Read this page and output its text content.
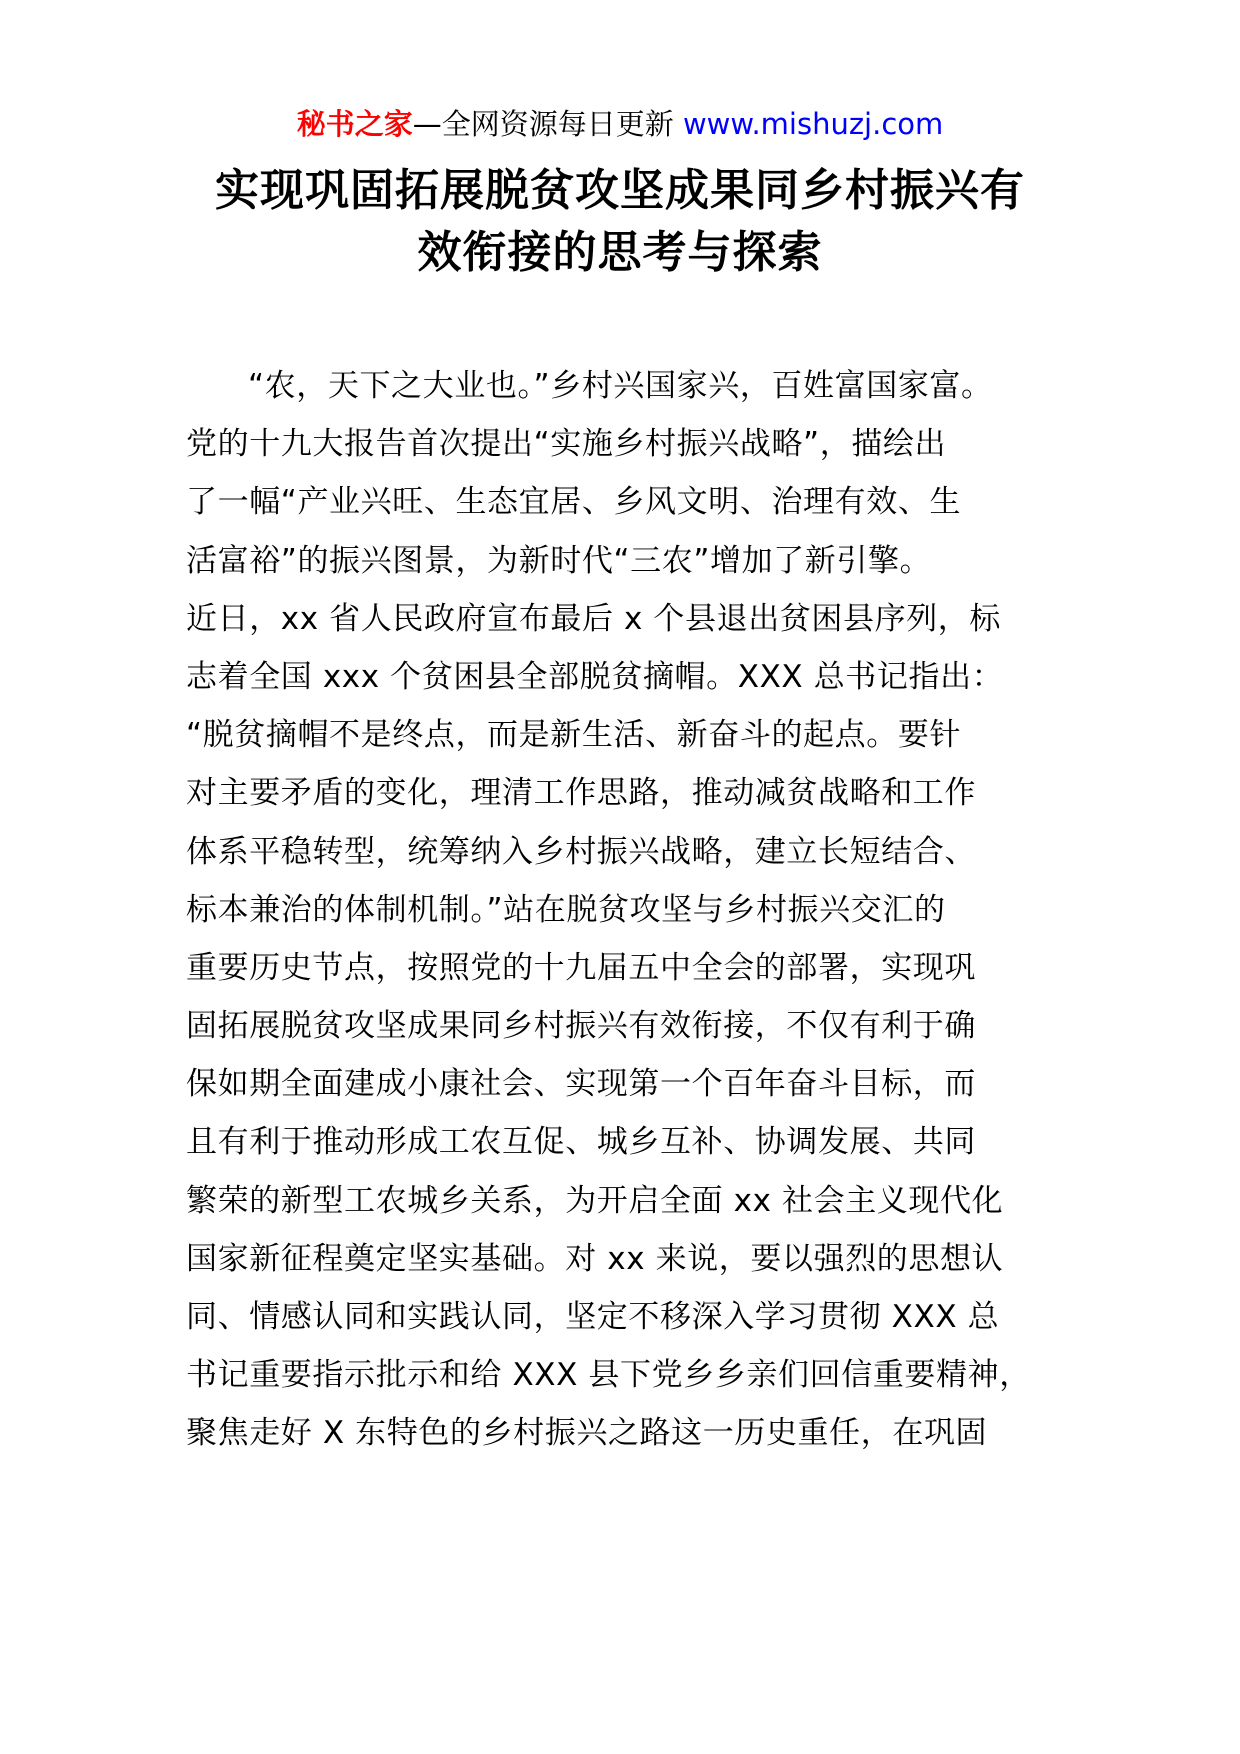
秘书之家—全网资源每日更新 www.mishuzj.com
实现巩固拓展脱贫攻坚成果同乡村振兴有
效衔接的思考与探索
“农，天下之大业也。”乡村兴国家兴，百姓富国家富。
党的十九大报告首次提出“实施乡村振兴战略”，描绘出
了一幅“产业兴旺、生态宜居、乡风文明、治理有效、生
活富裕”的振兴图景，为新时代“三农”增加了新引擎。
近日，xx 省人民政府宣布最后 x 个县退出贫困县序列，标
志着全国 xxx 个贫困县全部脱贫摘帽。XXX 总书记指出：
“脱贫摘帽不是终点，而是新生活、新奋斗的起点。要针
对主要矛盾的变化，理清工作思路，推动减贫战略和工作
体系平稳转型，统筹纳入乡村振兴战略，建立长短结合、
标本兼治的体制机制。”站在脱贫攻坚与乡村振兴交汇的
重要历史节点，按照党的十九届五中全会的部署，实现巩
固拓展脱贫攻坚成果同乡村振兴有效衔接，不仅有利于确
保如期全面建成小康社会、实现第一个百年奋斗目标，而
且有利于推动形成工农互促、城乡互补、协调发展、共同
繁荣的新型工农城乡关系，为开启全面 xx 社会主义现代化
国家新征程奠定坚实基础。对 xx 来说，要以强烈的思想认
同、情感认同和实践认同，坚定不移深入学习贯彻 XXX 总
书记重要指示批示和给 XXX 县下党乡乡亲们回信重要精神，
聚焦走好 X 东特色的乡村振兴之路这一历史重任，在巩固
